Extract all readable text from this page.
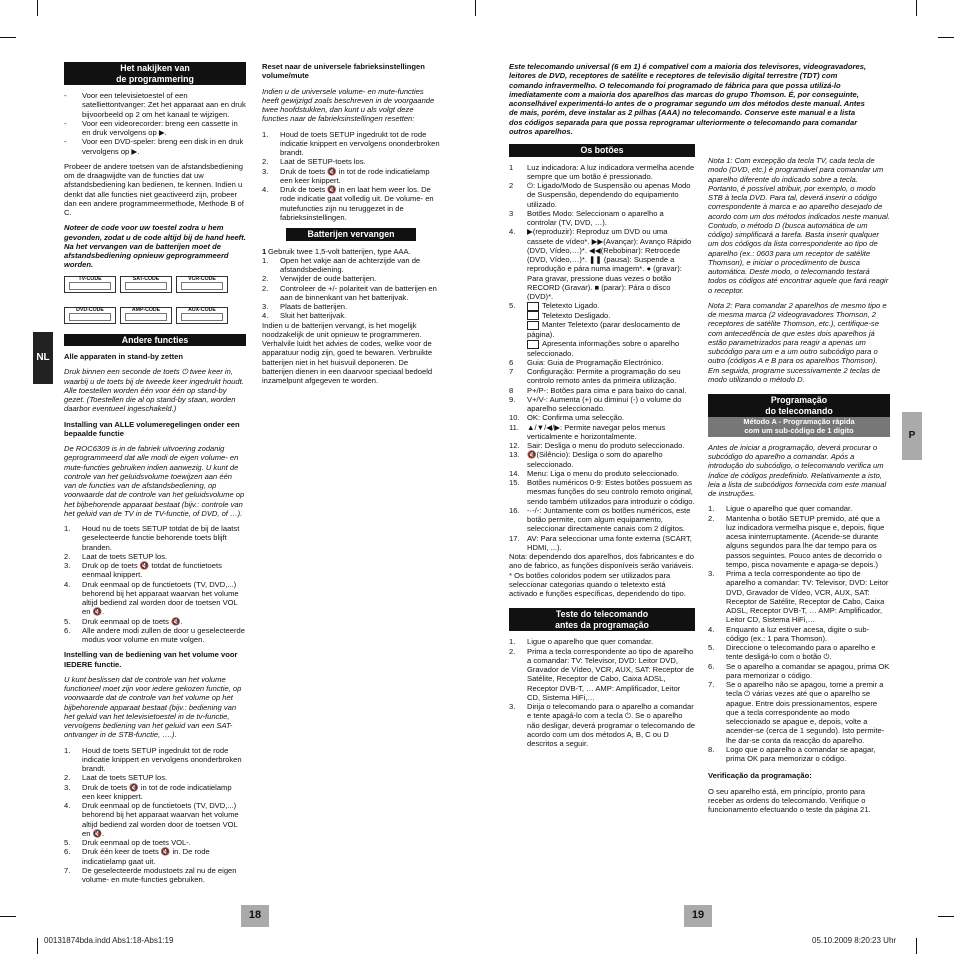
Het nakijken van
de programmering
-	Voor een televisietoestel of een satelliettontvanger: Zet het apparaat aan en druk bijvoorbeeld op 2 om het kanaal te wijzigen.
-	Voor een videorecorder: breng een cassette in en druk vervolgens op ▶.
-	Voor een DVD-speler: breng een disk in en druk vervolgens op ▶.

Probeer de andere toetsen van de afstandsbediening om de draagwijdte van de functies dat uw afstandsbediening kan bedienen, te kennen. Indien u denkt dat alle functies niet geactiveerd zijn, probeer dan een andere programmeermethode, Methode B of C.

Noteer de code voor uw toestel zodra u hem gevonden, zodat u de code altijd bij de hand heeft. Na het vervangen van de batterijen moet de afstandsbediening opnieuw geprogrammeerd worden.

TV-CODE	SAT-CODE	VCR-CODE
DVD-CODE	AMP-CODE	AUX-CODE
Andere functies

Alle apparaten in stand-by zetten

Druk binnen een seconde de toets ⏻ twee keer in, waarbij u de toets bij de tweede keer ingedrukt houdt. Alle toestellen worden één voor één op stand-by gezet. (Toestellen die al op stand-by staan, worden daarbor eventueel ingeschakeld.)

Installing van ALLE volumeregelingen onder een bepaalde functie

De ROC6309 is in de fabriek uitvoering zodanig geprogrammeerd dat alle modi de eigen volume- en mute-functies gebruiken indien aanwezig. U kunt de controle van het geluidsvolume toewijzen aan één van de functies van de afstandsbediening, op voorwaarde dat de controle van het geluidsvolume op het bijbehorende apparaat bestaat (bijv.: controle van het geluid van de TV in de TV-functie, of DVD, of …).

1.	Houd nu de toets SETUP totdat de bij de laatst geselecteerde functie behorende toets blijft branden.
2.	Laat de toets SETUP los.
3.	Druk op de toets 🔇 totdat de functietoets eenmaal knippert.
4.	Druk eenmaal op de functietoets (TV, DVD,...) behorend bij het apparaat waarvan het volume altijd bediend zal worden door de toetsen VOL en 🔇.
5.	Druk eenmaal op de toets 🔇.
6.	Alle andere modi zullen de door u geselecteerde modus voor volume en mute volgen.

Instelling van de bediening van het volume voor IEDERE functie.

U kunt beslissen dat de controle van het volume functioneel moet zijn voor iedere gekozen functie, op voorwaarde dat de controle van het volume op het bijbehorende apparaat bestaat (bijv.: bediening van het geluid van het televisietoestel in de tv-functie, vervolgens bediening van het geluid van een SAT-ontvanger in de STB-functie, ….).

1.	Houd de toets SETUP ingedrukt tot de rode indicatie knippert en vervolgens ononderbroken brandt.
2.	Laat de toets SETUP los.
3.	Druk de toets 🔇 in tot de rode indicatielamp een keer knippert.
4.	Druk eenmaal op de functietoets (TV, DVD,...) behorend bij het apparaat waarvan het volume altijd bediend zal worden door de toetsen VOL en 🔇.
5.	Druk eenmaal op de toets VOL-.
6.	Druk één keer de toets 🔇 in. De rode indicatielamp gaat uit.
7.	De geselecteerde modustoets zal nu de eigen volume- en mute-functies gebruiken.

Reset naar de universele fabrieksinstellingen volume/mute

Indien u de universele volume- en mute-functies heeft gewijzigd zoals beschreven in de voorgaande twee hoofdstukken, dan kunt u als volgt deze functies naar de fabrieksinstellingen resetten:

1.	Houd de toets SETUP ingedrukt tot de rode indicatie knippert en vervolgens ononderbroken brandt.
2.	Laat de SETUP-toets los.
3.	Druk de toets 🔇 in tot de rode indicatielamp een keer knippert.
4.	Druk de toets 🔇 in en laat hem weer los. De rode indicatie gaat volledig uit. De volume- en mutefuncties zijn nu teruggezet in de fabrieksinstellingen.
Batterijen vervangen
1 Gebruik twee 1,5-volt batterijen, type AAA.
1.	Open het vakje aan de achterzijde van de afstandsbediening.
2.	Verwijder de oude batterijen.
2.	Controleer de +/- polariteit van de batterijen en aan de binnenkant van het batterijvak.
3.	Plaats de batterijen.
4.	Sluit het batterijvak.

Indien u de batterijen vervangt, is het mogelijk noodzakelijk de unit opnieuw te programmeren. Verhalvile luidt het advies de codes, welke voor de apparatuur nodig zijn, goed te bewaren. Verbruikte batterijen niet in het huisvuil deponeren. De batterijen dienen in een daarvoor speciaal bedoeld inzamelpunt afgegeven te worden.

NL
18
00131874bda.indd Abs1:18-Abs1:19

Este telecomando universal (6 em 1) é compatível com a maioria dos televisores, videogravadores, leitores de DVD, receptores de satélite e receptores de televisão digital terrestre (TDT) com comando infravermelho. O telecomando foi programado de fábrica para que possa utilizá-lo imediatamente com a maioria dos aparelhos das marcas do grupo Thomson. É, por conseguinte, aconselhável experimentá-lo antes de o programar segundo um dos métodos deste manual. Antes de mais, porém, deve instalar as 2 pilhas (AAA) no telecomando. Conserve este manual e a lista dos códigos separada para que possa reprogramar ulteriormente o telecomando para comandar outros aparelhos.

Os botões
1	Luz indicadora: A luz indicadora vermelha acende sempre que um botão é pressionado.
2	⏻: Ligado/Modo de Suspensão ou apenas Modo de Suspensão, dependendo do equipamento utilizado.
3	Botões Modo: Seleccionam o aparelho a controlar (TV, DVD, …).
4.	▶(reproduzir): Reproduz um DVD ou uma cassete de vídeo*. ▶▶(Avançar): Avanço Rápido (DVD, Vídeo,…)*. ◀◀(Rebobinar): Retrocede (DVD, Vídeo,…)*. ❚❚ (pausa): Suspende a reprodução e pára numa imagem*. ● (gravar): Para gravar, pressione duas vezes o botão RECORD (Gravar). ■ (parar): Pára o disco (DVD)*.
5.	Teletexto Ligado.
Teletexto Desligado.
Manter Teletexto (parar deslocamento de página).
Apresenta informações sobre o aparelho seleccionado.
6	Guia: Guia de Programação Electrónico.
7	Configuração: Permite a programação do seu controlo remoto antes da primeira utilização.
8	P+/P-: Botões para cima e para baixo do canal.
9.	V+/V-: Aumenta (+) ou diminui (-) o volume do aparelho seleccionado.
10. OK: Confirma uma selecção.
11.	▲/▼/◀/▶: Permite navegar pelos menus verticalmente e horizontalmente.
12. Sair: Desliga o menu do produto seleccionado.
13. 🔇(Silêncio): Desliga o som do aparelho seleccionado.
14. Menu: Liga o menu do produto seleccionado.
15. Botões numéricos 0-9: Estes botões possuem as mesmas funções do seu controlo remoto original, sendo também utilizados para introduzir o código.
16. -·-/-: Juntamente com os botões numéricos, este botão permite, com algum equipamento, seleccionar directamente canais com 2 dígitos.
17. AV: Para seleccionar uma fonte externa (SCART, HDMI, ...).

Nota: dependendo dos aparelhos, dos fabricantes e do ano de fabrico, as funções disponíveis serão variáveis. * Os botões coloridos podem ser utilizados para seleccionar categorias quando o teletexto está activado e funções específicas, dependendo do tipo.

Teste do telecomando
antes da programação
1.	Ligue o aparelho que quer comandar.
2.	Prima a tecla correspondente ao tipo de aparelho a comandar: TV: Televisor, DVD: Leitor DVD, Gravador de Vídeo, VCR, AUX, SAT: Receptor de Satélite, Receptor de Cabo, Caixa ADSL, Receptor DVB-T, … AMP: Amplificador, Leitor CD, Sistema HiFi,…
3.	Dirija o telecomando para o aparelho a comandar e tente apagá-lo com a tecla ⏻. Se o aparelho não desligar, deverá programar o telecomando de acordo com um dos métodos A, B, C ou D descritos a seguir.

Nota 1: Com excepção da tecla TV, cada tecla de modo (DVD, etc.) é programável para comandar um aparelho diferente do indicado sobre a tecla. Portanto, é possível atribuir, por exemplo, o modo STB à tecla DVD. Para tal, deverá inserir o código correspondente à marca e ao aparelho desejado de acordo com um dos métodos indicados neste manual. Contudo, o método D (busca automática de um código) simplificará a tarefa. Basta inserir qualquer um dos códigos da lista correspondente ao tipo de aparelho (ex.: 0603 para um receptor de satélite Thomson), e iniciar o procedimento de busca automática. Deste modo, o telecomando testará todos os códigos até encontrar aquele que fará reagir o receptor.

Nota 2: Para comandar 2 aparelhos de mesmo tipo e de mesma marca (2 videogravadores Thomson, 2 receptores de satélite Thomson, etc.), certifique-se com antecedência de que estes dois aparelhos já estão parametrizados para reagir a apenas um subcódigo para um e a um outro subcódigo para o outro (códigos A e B para os aparelhos Thomson). Em seguida, programe sucessivamente 2 teclas de modo utilizando o método D.

Programação
do telecomando
Método A - Programação rápida
com um sub-código de 1 dígito

Antes de iniciar a programação, deverá procurar o subcódigo do aparelho a comandar. Após a introdução do subcódigo, o telecomando verifica um índice de códigos predefinido. Relativamente a isto, leia a lista de subcódigos fornecida com este manual de instruções.

1.	Ligue o aparelho que quer comandar.
2.	Mantenha o botão SETUP premido, até que a luz indicadora vermelha pisque e, depois, fique acesa ininterruptamente. (Acende-se durante alguns segundos para lhe dar tempo para os passos seguintes. Pouco antes de decorrido o tempo, pisca novamente e apaga-se depois.)
3.	Prima a tecla correspondente ao tipo de aparelho a comandar: TV: Televisor, DVD: Leitor DVD, Gravador de Vídeo, VCR, AUX, SAT: Receptor de Satélite, Receptor de Cabo, Caixa ADSL, Receptor DVB-T, … AMP: Amplificador, Leitor CD, Sistema HiFi,…
4.	Enquanto a luz estiver acesa, digite o sub-código (ex.: 1 para Thomson).
5.	Direccione o telecomando para o aparelho e tente desligá-lo com o botão ⏻.
6.	Se o aparelho a comandar se apagou, prima OK para memorizar o código.
7.	Se o aparelho não se apagou, torne a premir a tecla ⏻ várias vezes até que o aparelho se apague. Entre dois pressionamentos, espere que a tecla correspondente ao modo seleccionado se apague e, depois, volte a acender-se (cerca de 1 segundo). Isto permite-lhe dar-se conta da reacção do aparelho.
8.	Logo que o aparelho a comandar se apagar, prima OK para memorizar o código.

Verificação da programação:

O seu aparelho está, em princípio, pronto para receber as ordens do telecomando. Verifique o funcionamento efectuando o teste da página 21.

P
19
05.10.2009 8:20:23 Uhr
